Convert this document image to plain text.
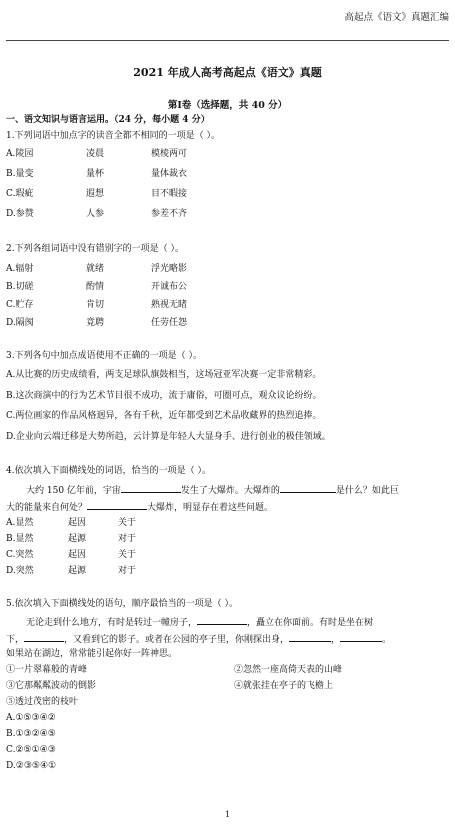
高起点《语文》真题汇编
2021 年成人高考高起点《语文》真题
第Ⅰ卷（选择题，共 40 分）
一、语文知识与语言运用。（24 分，每小题 4 分）
1.下列词语中加点字的读音全都不相同的一项是（ ）。
A.陵园	凌晨	模棱两可
B.量变	量杯	量体裁衣
C.瑕疵	遐想	目不暇接
D.参赞	人参	参差不齐
2.下列各组词语中没有错别字的一项是（ ）。
A.辐射	就绪	浮光略影
B.切磋	酌情	开诚布公
C.贮存	肯切	熟视无睹
D.隔阂	竟聘	任劳任怨
3.下列各句中加点成语使用不正确的一项是（ ）。
A.从比赛的历史成绩看，两支足球队旗鼓相当，这场冠亚军决赛一定非常精彩。
B.这次商演中的行为艺术节目很不成功，流于庸俗，可圈可点，观众议论纷纷。
C.两位画家的作品风格迥异，各有千秋，近年都受到艺术品收藏界的热烈追捧。
D.企业向云端迁移是大势所趋，云计算是年轻人大显身手、进行创业的极佳领域。
4.依次填入下面横线处的词语，恰当的一项是（ ）。
大约 150 亿年前，宇宙	发生了大爆炸。大爆炸的	是什么？如此巨
大的能量来自何处？	大爆炸，明显存在着这些问题。
A.显然	起因	关于
B.显然	起源	对于
C.突然	起因	关于
D.突然	起源	对于
5.依次填入下面横线处的语句，顺序最恰当的一项是（ ）。
无论走到什么地方，有时是转过一幢房子，	，矗立在你面前。有时是坐在树
下，	，又看到它的影子。或者在公园的亭子里，你刚探出身，	，	。
如果站在湖边，常常能引起你好一阵神思。
①一片翠幕般的青峰	②忽然一座高倚天表的山峰
③它那粼粼波动的倒影	④就张挂在亭子的飞檐上
⑤透过茂密的枝叶
A.①⑤③④②
B.①③②④⑤
C.②⑤①④③
D.②③⑤④①
1
